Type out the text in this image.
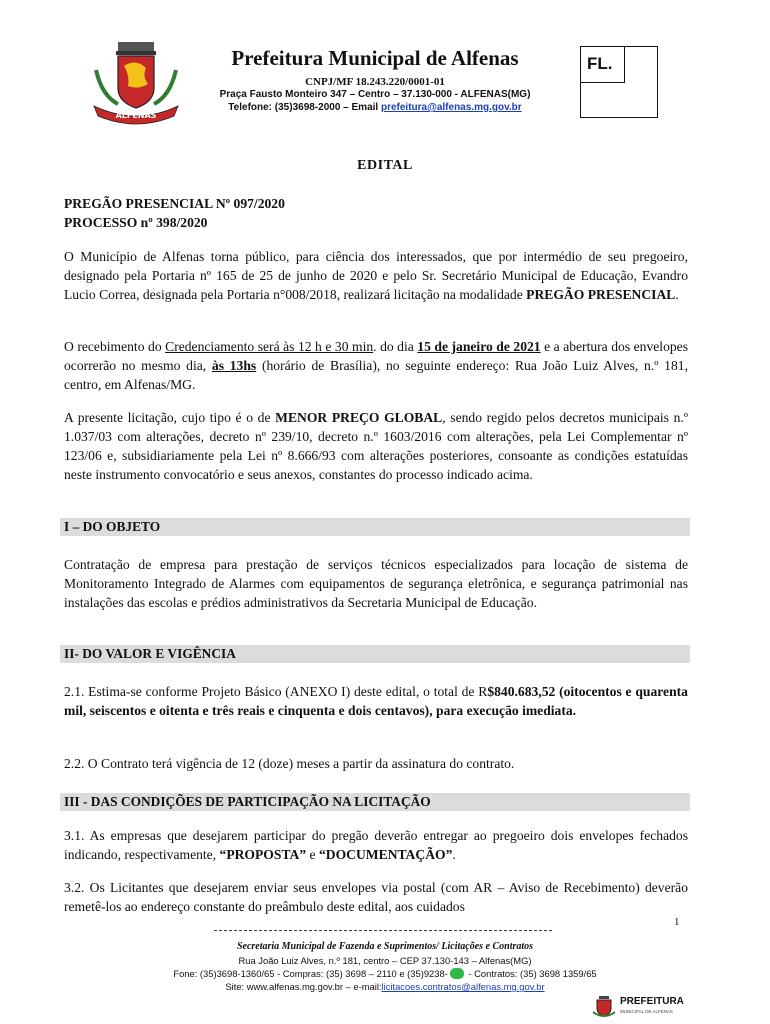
ALFENAS
Prefeitura Municipal de Alfenas
CNPJ/MF 18.243.220/0001-01
Praça Fausto Monteiro 347 – Centro – 37.130-000 - ALFENAS(MG)
Telefone: (35)3698-2000 – Email prefeitura@alfenas.mg.gov.br
FL.
EDITAL
PREGÃO PRESENCIAL Nº 097/2020
PROCESSO nº 398/2020
O Município de Alfenas torna público, para ciência dos interessados, que por intermédio de seu pregoeiro, designado pela Portaria nº 165 de 25 de junho de 2020 e pelo Sr. Secretário Municipal de Educação, Evandro Lucio Correa, designada pela Portaria n°008/2018, realizará licitação na modalidade PREGÃO PRESENCIAL.
O recebimento do Credenciamento será às 12 h e 30 min. do dia 15 de janeiro de 2021 e a abertura dos envelopes ocorrerão no mesmo dia, às 13hs (horário de Brasília), no seguinte endereço: Rua João Luiz Alves, n.º 181, centro, em Alfenas/MG.
A presente licitação, cujo tipo é o de MENOR PREÇO GLOBAL, sendo regido pelos decretos municipais n.º 1.037/03 com alterações, decreto nº 239/10, decreto n.º 1603/2016 com alterações, pela Lei Complementar nº 123/06 e, subsidiariamente pela Lei nº 8.666/93 com alterações posteriores, consoante as condições estatuídas neste instrumento convocatório e seus anexos, constantes do processo indicado acima.
I – DO OBJETO
Contratação de empresa para prestação de serviços técnicos especializados para locação de sistema de Monitoramento Integrado de Alarmes com equipamentos de segurança eletrônica, e segurança patrimonial nas instalações das escolas e prédios administrativos da Secretaria Municipal de Educação.
II- DO VALOR E VIGÊNCIA
2.1. Estima-se conforme Projeto Básico (ANEXO I) deste edital, o total de R$840.683,52 (oitocentos e quarenta mil, seiscentos e oitenta e três reais e cinquenta e dois centavos), para execução imediata.
2.2. O Contrato terá vigência de 12 (doze) meses a partir da assinatura do contrato.
III - DAS CONDIÇÕES DE PARTICIPAÇÃO NA LICITAÇÃO
3.1. As empresas que desejarem participar do pregão deverão entregar ao pregoeiro dois envelopes fechados indicando, respectivamente, “PROPOSTA” e “DOCUMENTAÇÃO”.
3.2. Os Licitantes que desejarem enviar seus envelopes via postal (com AR – Aviso de Recebimento) deverão remetê-los ao endereço constante do preâmbulo deste edital, aos cuidados
1
Secretaria Municipal de Fazenda e Suprimentos/ Licitações e Contratos
Rua João Luiz Alves, n.º 181, centro – CEP 37.130-143 – Alfenas(MG)
Fone: (35)3698-1360/65 - Compras: (35) 3698 – 2110 e (35)9238- - Contratos: (35) 3698 1359/65
Site: www.alfenas.mg.gov.br – e-mail:licitacoes.contratos@alfenas.mg.gov.br
PREFEITURA
MUNICIPAL DE ALFENAS
